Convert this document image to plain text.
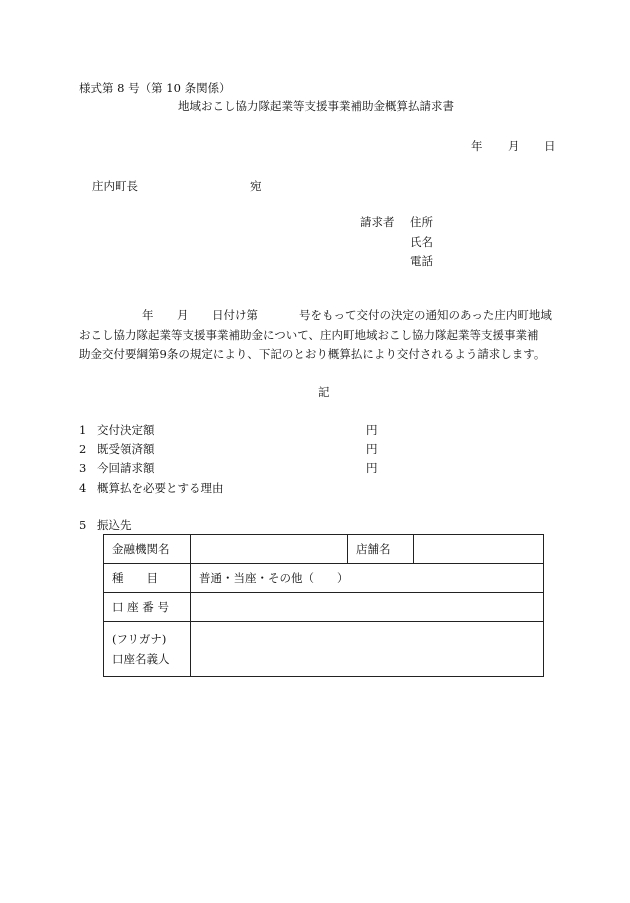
様式第 8 号（第 10 条関係）
地域おこし協力隊起業等支援事業補助金概算払請求書
年 月 日
庄内町長	宛
請求者 住所
氏名
電話
年 月 日付け第	号をもって交付の決定の通知のあった庄内町地域
おこし協力隊起業等支援事業補助金について、庄内町地域おこし協力隊起業等支援事業補
助金交付要綱第9条の規定により、下記のとおり概算払により交付されるよう請求します。
記
1 交付決定額	円
2 既受領済額	円
3 今回請求額	円
4 概算払を必要とする理由
5 振込先
金融機関名		店舗名	
種　　目	普通・当座・その他（　　）		
口 座 番 号			

(フリガナ)
口座名義人			
